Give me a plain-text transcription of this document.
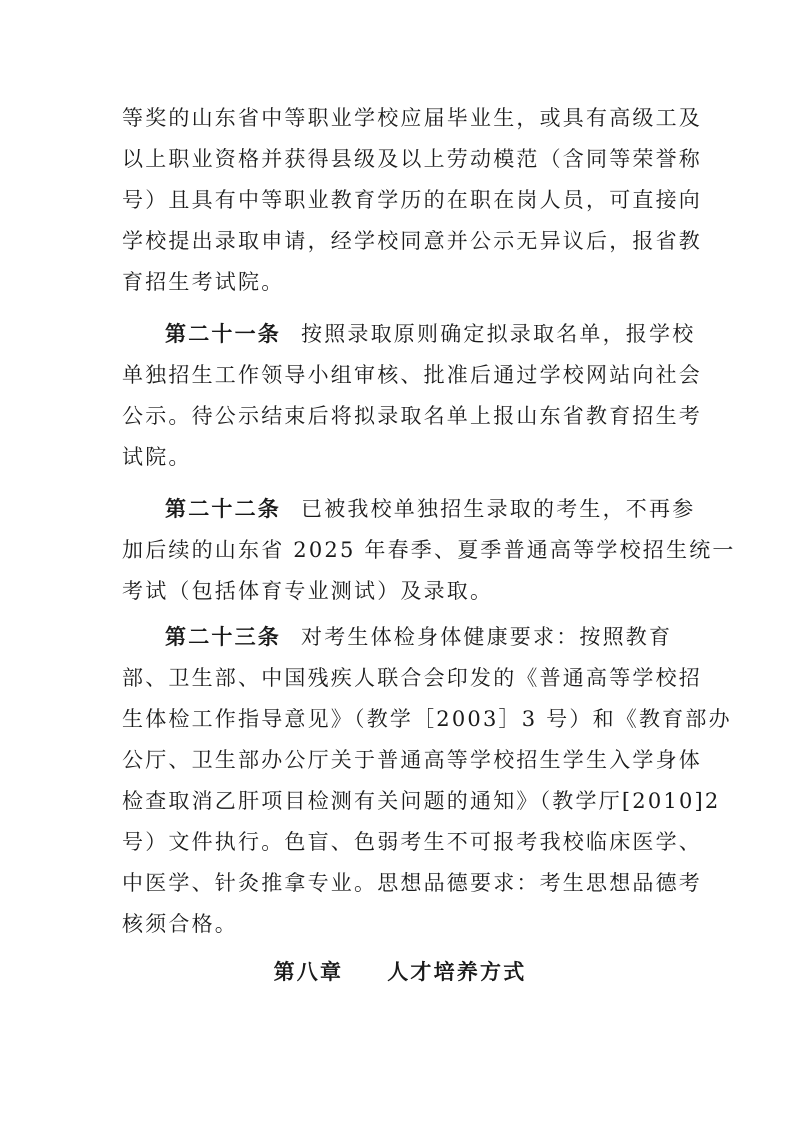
等奖的山东省中等职业学校应届毕业生，或具有高级工及
以上职业资格并获得县级及以上劳动模范（含同等荣誉称
号）且具有中等职业教育学历的在职在岗人员，可直接向
学校提出录取申请，经学校同意并公示无异议后，报省教
育招生考试院。
第二十一条 按照录取原则确定拟录取名单，报学校
单独招生工作领导小组审核、批准后通过学校网站向社会
公示。待公示结束后将拟录取名单上报山东省教育招生考
试院。
第二十二条 已被我校单独招生录取的考生，不再参
加后续的山东省 2025 年春季、夏季普通高等学校招生统一
考试（包括体育专业测试）及录取。
第二十三条 对考生体检身体健康要求：按照教育
部、卫生部、中国残疾人联合会印发的《普通高等学校招
生体检工作指导意见》（教学［2003］3 号）和《教育部办
公厅、卫生部办公厅关于普通高等学校招生学生入学身体
检查取消乙肝项目检测有关问题的通知》（教学厅[2010]2
号）文件执行。色盲、色弱考生不可报考我校临床医学、
中医学、针灸推拿专业。思想品德要求：考生思想品德考
核须合格。
第八章 人才培养方式
